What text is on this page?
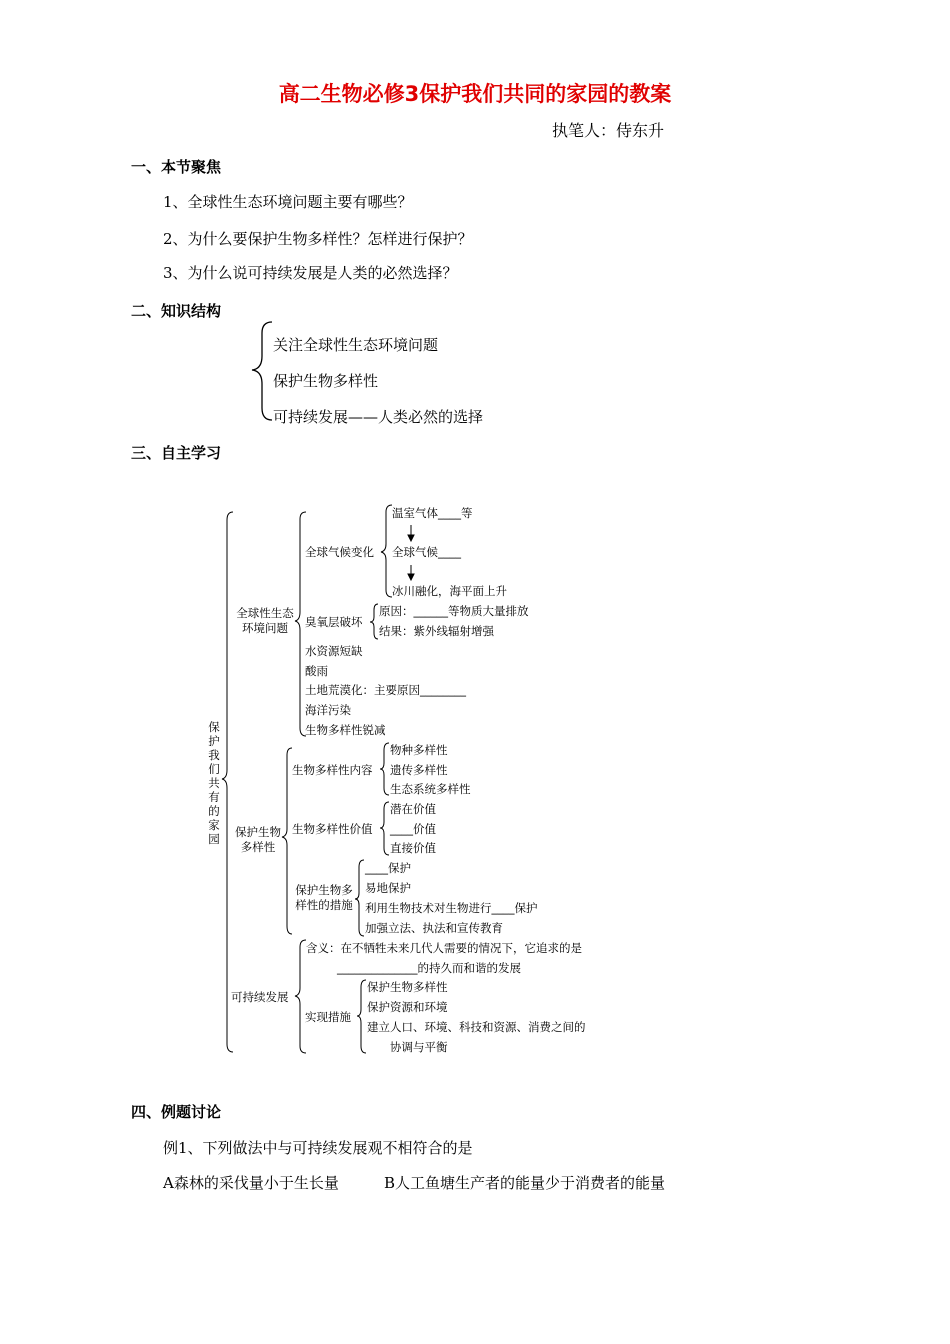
高二生物必修3保护我们共同的家园的教案
执笔人：侍东升
一、本节聚焦
1、全球性生态环境问题主要有哪些？
2、为什么要保护生物多样性？怎样进行保护？
3、为什么说可持续发展是人类的必然选择？
二、知识结构
关注全球性生态环境问题
保护生物多样性
可持续发展——人类必然的选择
三、自主学习
保护我们共有的家园
全球性生态环境问题
全球气候变化
温室气体____等
全球气候____
冰川融化，海平面上升
臭氧层破坏
原因：______等物质大量排放
结果：紫外线辐射增强
水资源短缺
酸雨
土地荒漠化：主要原因________
海洋污染
生物多样性锐减
保护生物多样性
生物多样性内容
物种多样性
遗传多样性
生态系统多样性
生物多样性价值
潜在价值
____价值
直接价值
保护生物多样性的措施
____保护
易地保护
利用生物技术对生物进行____保护
加强立法、执法和宣传教育
可持续发展
含义：在不牺牲未来几代人需要的情况下，它追求的是
______________的持久而和谐的发展
实现措施
保护生物多样性
保护资源和环境
建立人口、环境、科技和资源、消费之间的
协调与平衡
四、例题讨论
例1、下列做法中与可持续发展观不相符合的是
A森林的采伐量小于生长量	B人工鱼塘生产者的能量少于消费者的能量
